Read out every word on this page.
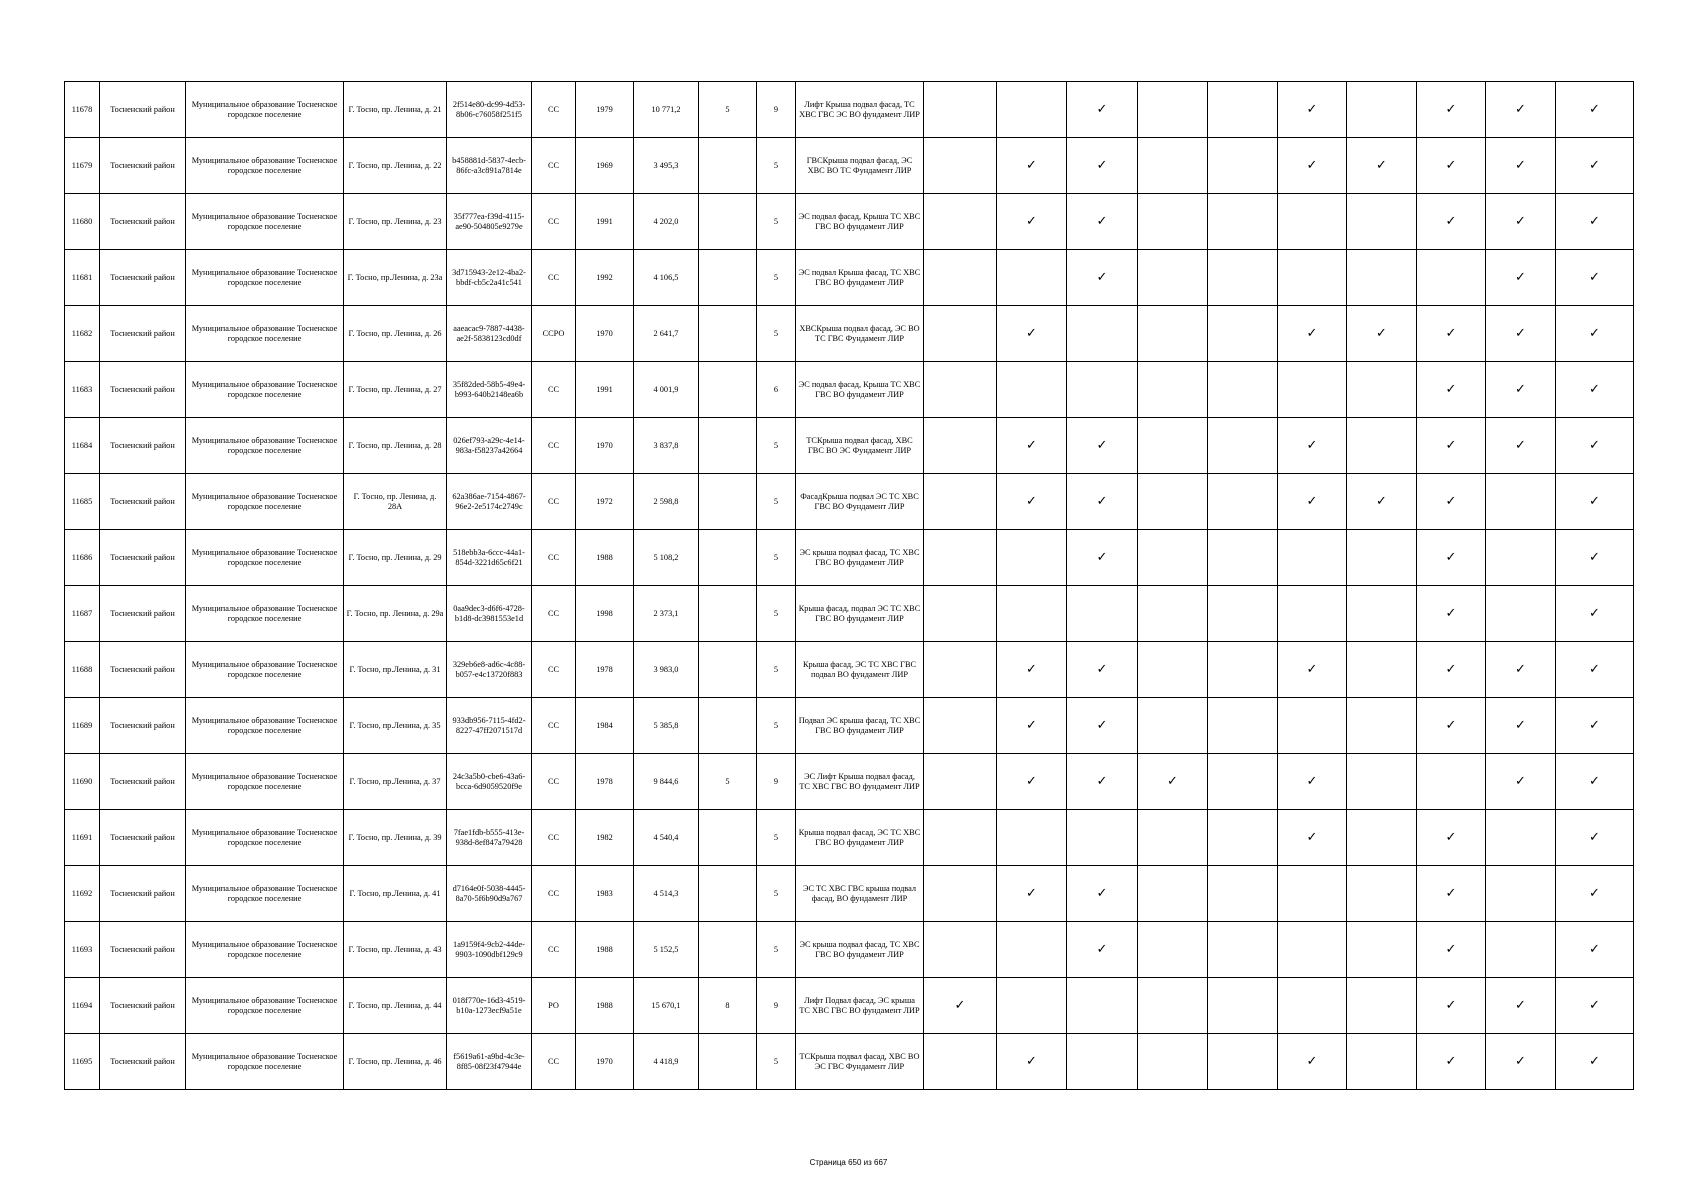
11678	Тосненский район	Муниципальное образование Тосненское городское поселение	Г. Тосно, пр. Ленина, д. 21	2f514e80-dc99-4d53-8b06-c76058f251f5	СС	1979	10 771,2	5	9	Лифт Крыша подвал фасад, ТС ХВС ГВС ЭС ВО фундамент ЛИР			✓			✓		✓	✓	✓
11679	Тосненский район	Муниципальное образование Тосненское городское поселение	Г. Тосно, пр. Ленина, д. 22	b458881d-5837-4ecb-86fc-a3c891a7814e	СС	1969	3 495,3		5	ГВСКрыша подвал фасад, ЭС ХВС ВО ТС Фундамент ЛИР		✓	✓			✓	✓	✓	✓	✓
11680	Тосненский район	Муниципальное образование Тосненское городское поселение	Г. Тосно, пр. Ленина, д. 23	35f777ea-f39d-4115-ae90-504805e9279e	СС	1991	4 202,0		5	ЭС подвал фасад, Крыша ТС ХВС ГВС ВО фундамент ЛИР		✓	✓					✓	✓	✓
11681	Тосненский район	Муниципальное образование Тосненское городское поселение	Г. Тосно, пр.Ленина, д. 23а	3d715943-2e12-4ba2-bbdf-cb5c2a41c541	СС	1992	4 106,5		5	ЭС подвал Крыша фасад, ТС ХВС ГВС ВО фундамент ЛИР			✓						✓	✓
11682	Тосненский район	Муниципальное образование Тосненское городское поселение	Г. Тосно, пр. Ленина, д. 26	aaeacac9-7887-4438-ae2f-5838123cd0df	ССРО	1970	2 641,7		5	ХВСКрыша подвал фасад, ЭС ВО ТС ГВС Фундамент ЛИР		✓				✓	✓	✓	✓	✓
11683	Тосненский район	Муниципальное образование Тосненское городское поселение	Г. Тосно, пр. Ленина, д. 27	35f82ded-58b5-49e4-b993-640b2148ea6b	СС	1991	4 001,9		6	ЭС подвал фасад, Крыша ТС ХВС ГВС ВО фундамент ЛИР								✓	✓	✓
11684	Тосненский район	Муниципальное образование Тосненское городское поселение	Г. Тосно, пр. Ленина, д. 28	026ef793-a29c-4e14-983a-f58237a42664	СС	1970	3 837,8		5	ТСКрыша подвал фасад, ХВС ГВС ВО ЭС Фундамент ЛИР		✓	✓			✓		✓	✓	✓
11685	Тосненский район	Муниципальное образование Тосненское городское поселение	Г. Тосно, пр. Ленина, д. 28А	62a386ae-7154-4867-96e2-2e5174c2749c	СС	1972	2 598,8		5	ФасадКрыша подвал ЭС ТС ХВС ГВС ВО Фундамент ЛИР		✓	✓			✓	✓	✓		✓
11686	Тосненский район	Муниципальное образование Тосненское городское поселение	Г. Тосно, пр. Ленина, д. 29	518ebb3a-6ccc-44a1-854d-3221d65c6f21	СС	1988	5 108,2		5	ЭС крыша подвал фасад, ТС ХВС ГВС ВО фундамент ЛИР			✓					✓		✓
11687	Тосненский район	Муниципальное образование Тосненское городское поселение	Г. Тосно, пр. Ленина, д. 29а	0aa9dec3-d6f6-4728-b1d8-dc3981553e1d	СС	1998	2 373,1		5	Крыша фасад, подвал ЭС ТС ХВС ГВС ВО фундамент ЛИР								✓		✓
11688	Тосненский район	Муниципальное образование Тосненское городское поселение	Г. Тосно, пр.Ленина, д. 31	329eb6e8-ad6c-4c88-b057-e4c13720f883	СС	1978	3 983,0		5	Крыша фасад, ЭС ТС ХВС ГВС подвал ВО фундамент ЛИР		✓	✓			✓		✓	✓	✓
11689	Тосненский район	Муниципальное образование Тосненское городское поселение	Г. Тосно, пр.Ленина, д. 35	933db956-7115-4fd2-8227-47ff2071517d	СС	1984	5 385,8		5	Подвал ЭС крыша фасад, ТС ХВС ГВС ВО фундамент ЛИР		✓	✓					✓	✓	✓
11690	Тосненский район	Муниципальное образование Тосненское городское поселение	Г. Тосно, пр.Ленина, д. 37	24c3a5b0-cbe6-43a6-bcca-6d9059520f9e	СС	1978	9 844,6	5	9	ЭС Лифт Крыша подвал фасад, ТС ХВС ГВС ВО фундамент ЛИР		✓	✓	✓		✓			✓	✓
11691	Тосненский район	Муниципальное образование Тосненское городское поселение	Г. Тосно, пр. Ленина, д. 39	7fae1fdb-b555-413e-938d-8ef847a79428	СС	1982	4 540,4		5	Крыша подвал фасад, ЭС ТС ХВС ГВС ВО фундамент ЛИР						✓		✓		✓
11692	Тосненский район	Муниципальное образование Тосненское городское поселение	Г. Тосно, пр.Ленина, д. 41	d7164e0f-5038-4445-8a70-5f6b90d9a767	СС	1983	4 514,3		5	ЭС ТС ХВС ГВС крыша подвал фасад, ВО фундамент ЛИР		✓	✓					✓		✓
11693	Тосненский район	Муниципальное образование Тосненское городское поселение	Г. Тосно, пр. Ленина, д. 43	1a9159f4-9cb2-44de-9903-1090dbf129c9	СС	1988	5 152,5		5	ЭС крыша подвал фасад, ТС ХВС ГВС ВО фундамент ЛИР			✓					✓		✓
11694	Тосненский район	Муниципальное образование Тосненское городское поселение	Г. Тосно, пр. Ленина, д. 44	018f770e-16d3-4519-b10a-1273ecf9a51e	РО	1988	15 670,1	8	9	Лифт Подвал фасад, ЭС крыша ТС ХВС ГВС ВО фундамент ЛИР	✓							✓	✓	✓
11695	Тосненский район	Муниципальное образование Тосненское городское поселение	Г. Тосно, пр. Ленина, д. 46	f5619a61-a9bd-4c3e-8f85-08f23f47944e	СС	1970	4 418,9		5	ТСКрыша подвал фасад, ХВС ВО ЭС ГВС Фундамент ЛИР		✓				✓		✓	✓	✓
Страница 650 из 667
